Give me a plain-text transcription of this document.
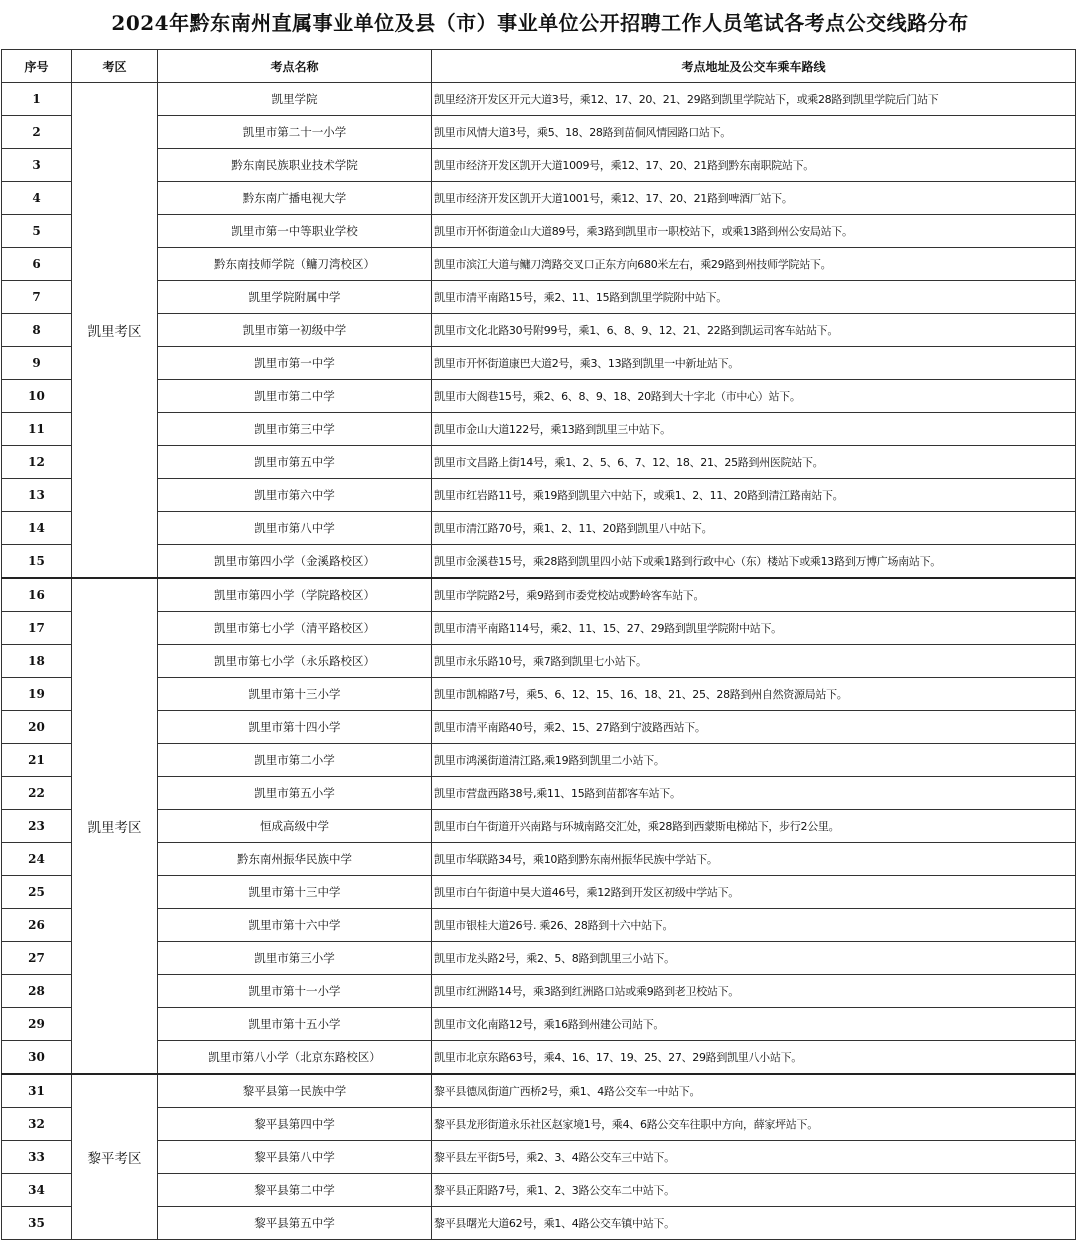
2024年黔东南州直属事业单位及县（市）事业单位公开招聘工作人员笔试各考点公交线路分布
序号	考区	考点名称	考点地址及公交车乘车路线
1	凯里考区	凯里学院	凯里经济开发区开元大道3号，乘12、17、20、21、29路到凯里学院站下，或乘28路到凯里学院后门站下
2		凯里市第二十一小学	凯里市风情大道3号，乘5、18、28路到苗侗风情园路口站下。
3		黔东南民族职业技术学院	凯里市经济开发区凯开大道1009号，乘12、17、20、21路到黔东南职院站下。
4		黔东南广播电视大学	凯里市经济开发区凯开大道1001号，乘12、17、20、21路到啤酒厂站下。
5		凯里市第一中等职业学校	凯里市开怀街道金山大道89号，乘3路到凯里市一职校站下，或乘13路到州公安局站下。
6		黔东南技师学院（鳙刀湾校区）	凯里市滨江大道与鳙刀湾路交叉口正东方向680米左右，乘29路到州技师学院站下。
7		凯里学院附属中学	凯里市清平南路15号，乘2、11、15路到凯里学院附中站下。
8		凯里市第一初级中学	凯里市文化北路30号附99号，乘1、6、8、9、12、21、22路到凯运司客车站站下。
9		凯里市第一中学	凯里市开怀街道康巴大道2号，乘3、13路到凯里一中新址站下。
10		凯里市第二中学	凯里市大阁巷15号，乘2、6、8、9、18、20路到大十字北（市中心）站下。
11		凯里市第三中学	凯里市金山大道122号，乘13路到凯里三中站下。
12		凯里市第五中学	凯里市文昌路上街14号，乘1、2、5、6、7、12、18、21、25路到州医院站下。
13		凯里市第六中学	凯里市红岩路11号，乘19路到凯里六中站下，或乘1、2、11、20路到清江路南站下。
14		凯里市第八中学	凯里市清江路70号，乘1、2、11、20路到凯里八中站下。
15		凯里市第四小学（金溪路校区）	凯里市金溪巷15号，乘28路到凯里四小站下或乘1路到行政中心（东）楼站下或乘13路到万博广场南站下。
16	凯里考区	凯里市第四小学（学院路校区）	凯里市学院路2号，乘9路到市委党校站或黔岭客车站下。
17		凯里市第七小学（清平路校区）	凯里市清平南路114号，乘2、11、15、27、29路到凯里学院附中站下。
18		凯里市第七小学（永乐路校区）	凯里市永乐路10号，乘7路到凯里七小站下。
19		凯里市第十三小学	凯里市凯棉路7号，乘5、6、12、15、16、18、21、25、28路到州自然资源局站下。
20		凯里市第十四小学	凯里市清平南路40号，乘2、15、27路到宁波路西站下。
21		凯里市第二小学	凯里市鸿溪街道清江路,乘19路到凯里二小站下。
22		凯里市第五小学	凯里市营盘西路38号,乘11、15路到苗都客车站下。
23		恒成高级中学	凯里市白午街道开兴南路与环城南路交汇处，乘28路到西蒙斯电梯站下，步行2公里。
24		黔东南州振华民族中学	凯里市华联路34号，乘10路到黔东南州振华民族中学站下。
25		凯里市第十三中学	凯里市白午街道中昊大道46号，乘12路到开发区初级中学站下。
26		凯里市第十六中学	凯里市银桂大道26号. 乘26、28路到十六中站下。
27		凯里市第三小学	凯里市龙头路2号，乘2、5、8路到凯里三小站下。
28		凯里市第十一小学	凯里市红洲路14号，乘3路到红洲路口站或乘9路到老卫校站下。
29		凯里市第十五小学	凯里市文化南路12号，乘16路到州建公司站下。
30		凯里市第八小学（北京东路校区）	凯里市北京东路63号，乘4、16、17、19、25、27、29路到凯里八小站下。
31	黎平考区	黎平县第一民族中学	黎平县德凤街道广西桥2号，乘1、4路公交车一中站下。
32		黎平县第四中学	黎平县龙形街道永乐社区赵家境1号，乘4、6路公交车往职中方向，薛家坪站下。
33		黎平县第八中学	黎平县左平街5号，乘2、3、4路公交车三中站下。
34		黎平县第二中学	黎平县正阳路7号，乘1、2、3路公交车二中站下。
35		黎平县第五中学	黎平县曙光大道62号，乘1、4路公交车镇中站下。
